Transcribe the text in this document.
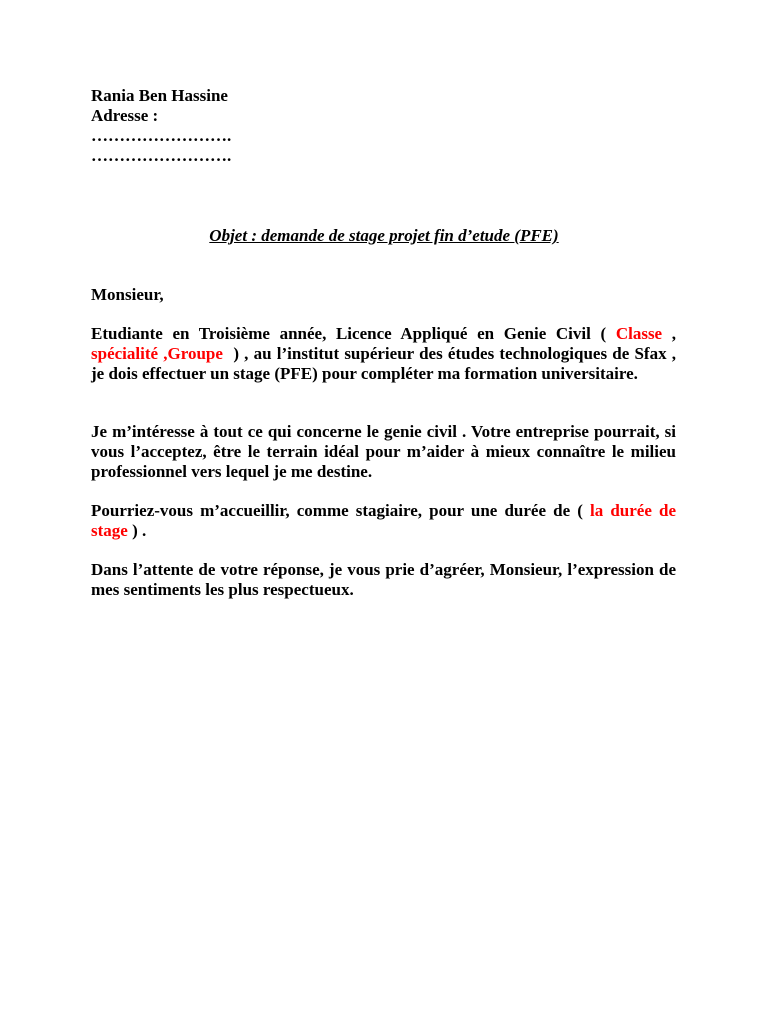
Rania Ben Hassine
Adresse :
…………………….
…………………….
Objet : demande de stage projet fin d’etude (PFE)
Monsieur,
Etudiante en Troisième année, Licence Appliqué en Genie Civil ( Classe , spécialité ,Groupe ) , au l’institut supérieur des études technologiques de Sfax , je dois effectuer un stage (PFE) pour compléter ma formation universitaire.
Je m’intéresse à tout ce qui concerne le genie civil . Votre entreprise pourrait, si vous l’acceptez, être le terrain idéal pour m’aider à mieux connaître le milieu professionnel vers lequel je me destine.
Pourriez-vous m’accueillir, comme stagiaire, pour une durée de ( la durée de stage ) .
Dans l’attente de votre réponse, je vous prie d’agréer, Monsieur, l’expression de mes sentiments les plus respectueux.
